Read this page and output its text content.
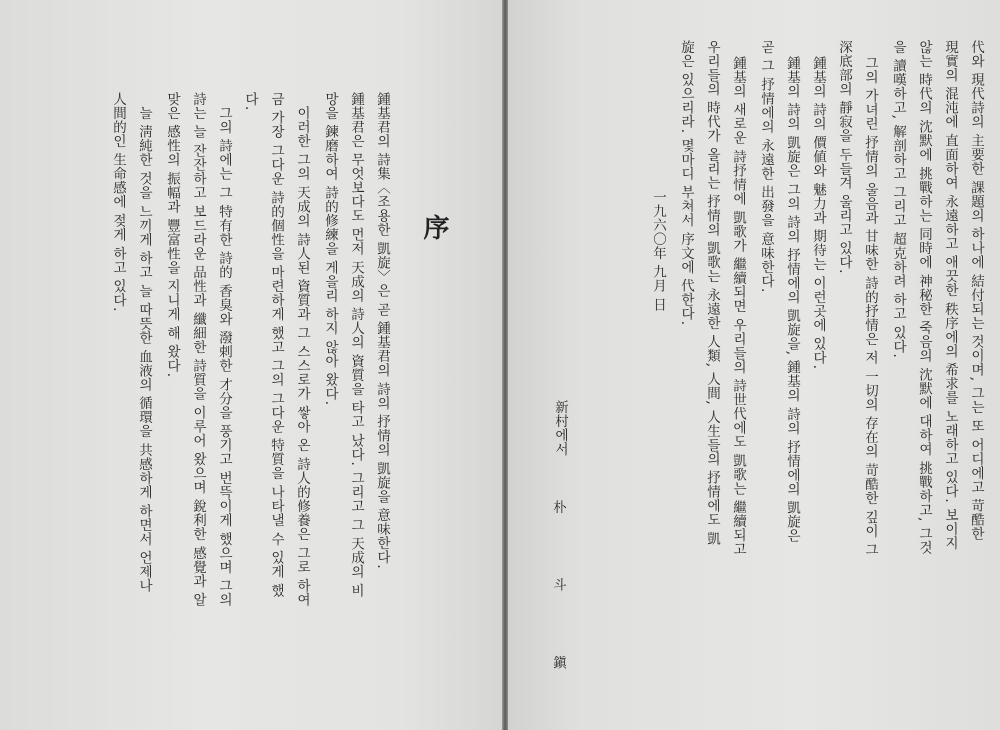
序
鍾基君의 詩集〈조용한 凱旋〉은 곧 鍾基君의 詩의 抒情의 凱旋을 意味한다.
鍾基君은 무엇보다도 먼저 天成의 詩人의 資質을 타고 났다. 그리고 그 天成의 비
망을 鍊磨하여 詩的修練을 게을리 하지 않아 왔다.
이러한 그의 天成의 詩人된 資質과 그 스스로가 쌓아 온 詩人的修養은 그로 하여
금 가장 그다운 詩的個性을 마련하게 했고 그의 그다운 特質을 나타낼 수 있게 했
다.
그의 詩에는 그 特有한 詩的 香臭와 潑剌한 才分을 풍기고 번뜩이게 했으며 그의
詩는 늘 잔잔하고 보드라운 品性과 纖細한 詩質을 이루어 왔으며 銳利한 感覺과 알
맞은 感性의 振幅과 豐富性을 지니게 해 왔다.
늘 淸純한 것을 느끼게 하고 늘 따뜻한 血液의 循環을 共感하게 하면서 언제나
人間的인 生命感에 젖게 하고 있다.	代와 現代詩의 主要한 課題의 하나에 結付되는 것이며, 그는 또 어디에고 苛酷한
現實의 混沌에 直面하여 永遠하고 애끗한 秩序에의 希求를 노래하고 있다. 보이지
않는 時代의 沈默에 挑戰하는 同時에 神秘한 죽음의 沈默에 대하여 挑戰하고, 그것
을 讀嘆하고, 解剖하고 그리고 超克하려 하고 있다.
그의 가녀린 抒情의 울음과 甘味한 詩的抒情은 저 一切의 存在의 苛酷한 깊이 그
深底部의 靜寂을 두들겨 울리고 있다.
鍾基의 詩의 價値와 魅力과 期待는 이런곳에 있다.
鍾基의 詩의 凱旋은 그의 詩의 抒情에의 凱旋을, 鍾基의 詩의 抒情에의 凱旋은
곧 그 抒情에의 永遠한 出發을 意味한다.
鍾基의 새로운 詩抒情에 凱歌가 繼續되면 우리들의 詩世代에도 凱歌는 繼續되고
우리들의 時代가 올리는 抒情의 凱歌는 永遠한 人類, 人間, 人生들의 抒情에도 凱
旋은 있으리라. 몇마디 부쳐서 序文에 代한다.
一九六〇年 九月 日
新村에서
朴 斗 鎭
